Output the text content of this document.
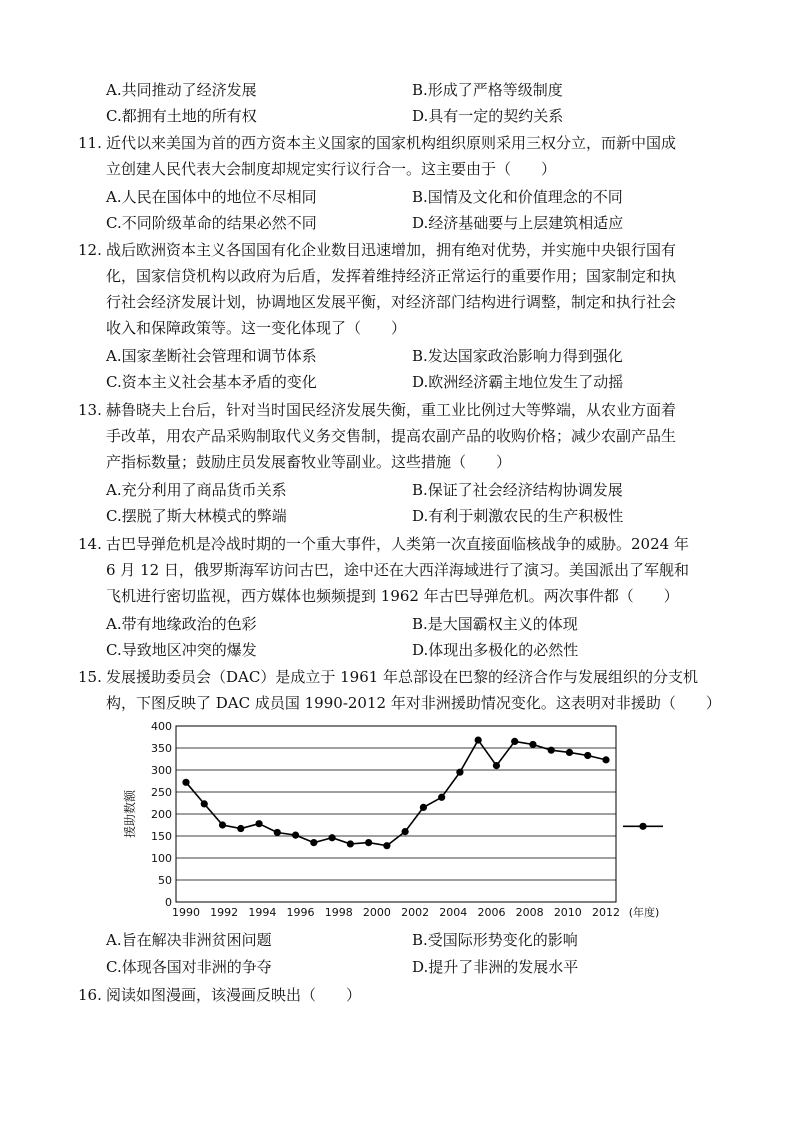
A.共同推动了经济发展	B.形成了严格等级制度
C.都拥有土地的所有权	D.具有一定的契约关系
11. 近代以来美国为首的西方资本主义国家的国家机构组织原则采用三权分立，而新中国成
立创建人民代表大会制度却规定实行议行合一。这主要由于（　　）
A.人民在国体中的地位不尽相同	B.国情及文化和价值理念的不同
C.不同阶级革命的结果必然不同	D.经济基础要与上层建筑相适应
12. 战后欧洲资本主义各国国有化企业数目迅速增加，拥有绝对优势，并实施中央银行国有
化，国家信贷机构以政府为后盾，发挥着维持经济正常运行的重要作用；国家制定和执
行社会经济发展计划，协调地区发展平衡，对经济部门结构进行调整，制定和执行社会
收入和保障政策等。这一变化体现了（　　）
A.国家垄断社会管理和调节体系	B.发达国家政治影响力得到强化
C.资本主义社会基本矛盾的变化	D.欧洲经济霸主地位发生了动摇
13. 赫鲁晓夫上台后，针对当时国民经济发展失衡，重工业比例过大等弊端，从农业方面着
手改革，用农产品采购制取代义务交售制，提高农副产品的收购价格；减少农副产品生
产指标数量；鼓励庄员发展畜牧业等副业。这些措施（　　）
A.充分利用了商品货币关系	B.保证了社会经济结构协调发展
C.摆脱了斯大林模式的弊端	D.有利于刺激农民的生产积极性
14. 古巴导弹危机是冷战时期的一个重大事件，人类第一次直接面临核战争的威胁。2024 年
6 月 12 日，俄罗斯海军访问古巴，途中还在大西洋海域进行了演习。美国派出了军舰和
飞机进行密切监视，西方媒体也频频提到 1962 年古巴导弹危机。两次事件都（　　）
A.带有地缘政治的色彩	B.是大国霸权主义的体现
C.导致地区冲突的爆发	D.体现出多极化的必然性
15. 发展援助委员会（DAC）是成立于 1961 年总部设在巴黎的经济合作与发展组织的分支机
构，下图反映了 DAC 成员国 1990-2012 年对非洲援助情况变化。这表明对非援助（　　）
0
50
100
150
200
250
300
350
400
1990 1992 1994 1996 1998 2000 2002 2004 2006 2008 2010 2012 (年度)
援助数额
A.旨在解决非洲贫困问题	B.受国际形势变化的影响
C.体现各国对非洲的争夺	D.提升了非洲的发展水平
16. 阅读如图漫画，该漫画反映出（　　）
